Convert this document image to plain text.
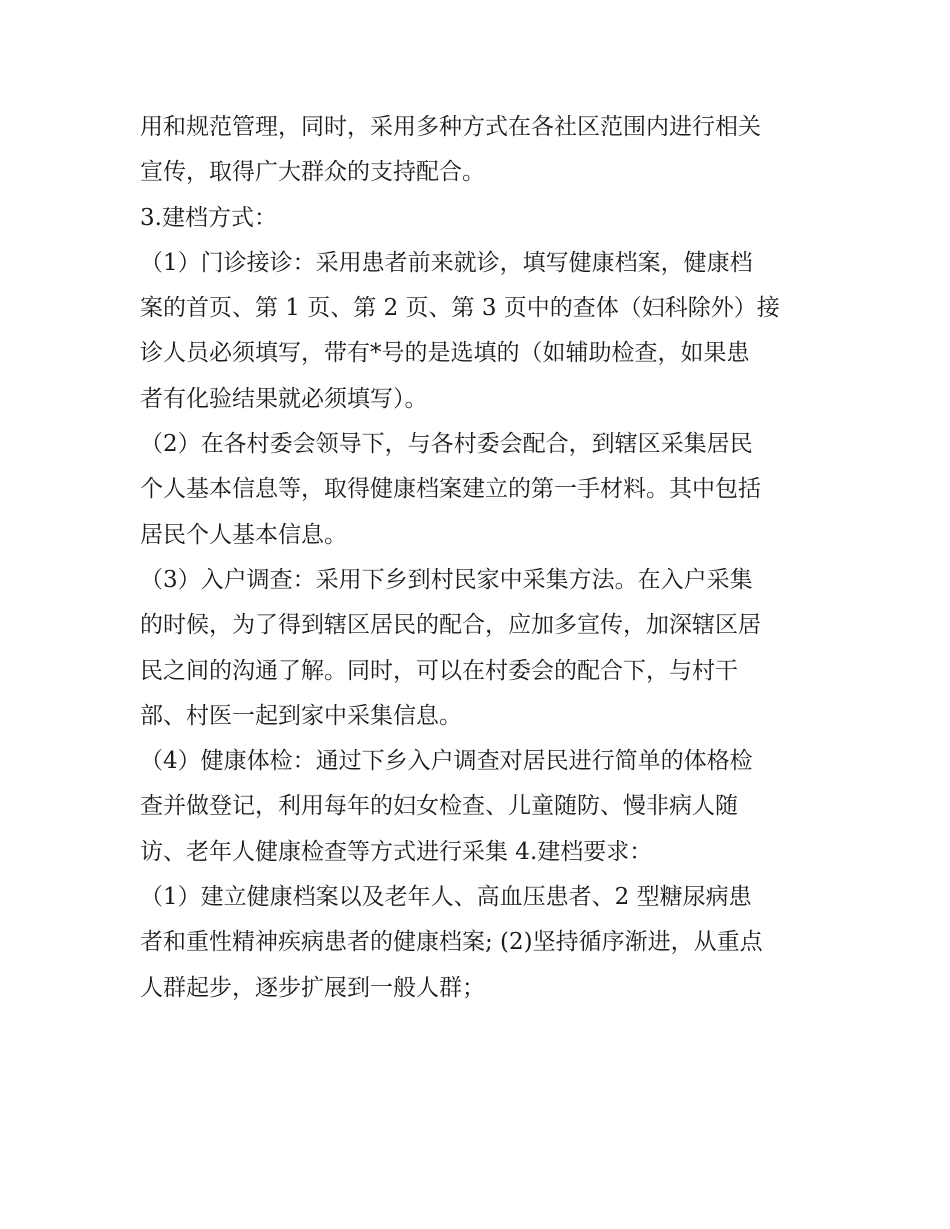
用和规范管理，同时，采用多种方式在各社区范围内进行相关
宣传，取得广大群众的支持配合。
3.建档方式：
（1）门诊接诊：采用患者前来就诊，填写健康档案，健康档
案的首页、第 1 页、第 2 页、第 3 页中的查体（妇科除外）接
诊人员必须填写，带有*号的是选填的（如辅助检查，如果患
者有化验结果就必须填写）。
（2）在各村委会领导下，与各村委会配合，到辖区采集居民
个人基本信息等，取得健康档案建立的第一手材料。其中包括
居民个人基本信息。
（3）入户调查：采用下乡到村民家中采集方法。在入户采集
的时候，为了得到辖区居民的配合，应加多宣传，加深辖区居
民之间的沟通了解。同时，可以在村委会的配合下，与村干
部、村医一起到家中采集信息。
（4）健康体检：通过下乡入户调查对居民进行简单的体格检
查并做登记，利用每年的妇女检查、儿童随防、慢非病人随
访、老年人健康检查等方式进行采集 4.建档要求：
（1）建立健康档案以及老年人、高血压患者、2 型糖尿病患
者和重性精神疾病患者的健康档案; (2)坚持循序渐进，从重点
人群起步，逐步扩展到一般人群；
